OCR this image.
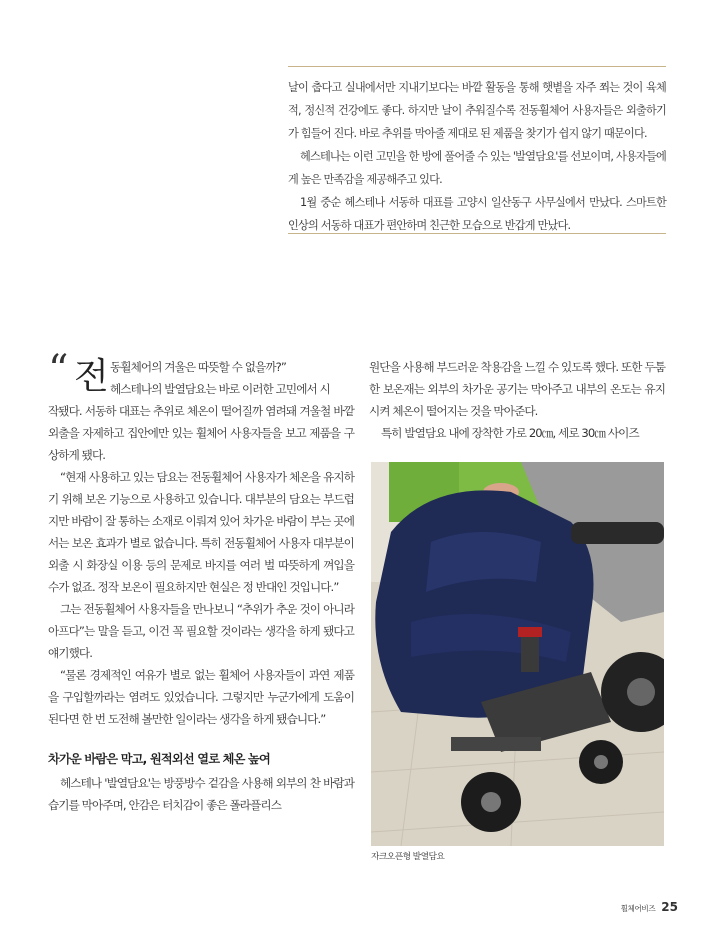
날이 춥다고 실내에서만 지내기보다는 바깥 활동을 통해 햇볕을 자주 쬐는 것이 육체적, 정신적 건강에도 좋다. 하지만 날이 추워질수록 전동휠체어 사용자들은 외출하기가 힘들어 진다. 바로 추위를 막아줄 제대로 된 제품을 찾기가 쉽지 않기 때문이다.

헤스테나는 이런 고민을 한 방에 풀어줄 수 있는 '발열담요'를 선보이며, 사용자들에게 높은 만족감을 제공해주고 있다.

1월 중순 헤스테나 서동하 대표를 고양시 일산동구 사무실에서 만났다. 스마트한 인상의 서동하 대표가 편안하며 친근한 모습으로 반갑게 만났다.

“ 전 동휠체어의 겨울은 따뜻할 수 없을까?”
헤스테나의 발열담요는 바로 이러한 고민에서 시

작됐다. 서동하 대표는 추위로 체온이 떨어질까 염려돼 겨울철 바깥 외출을 자제하고 집안에만 있는 휠체어 사용자들을 보고 제품을 구상하게 됐다.

“현재 사용하고 있는 담요는 전동휠체어 사용자가 체온을 유지하기 위해 보온 기능으로 사용하고 있습니다. 대부분의 담요는 부드럽지만 바람이 잘 통하는 소재로 이뤄져 있어 차가운 바람이 부는 곳에서는 보온 효과가 별로 없습니다. 특히 전동휠체어 사용자 대부분이 외출 시 화장실 이용 등의 문제로 바지를 여러 벌 따뜻하게 껴입을 수가 없죠. 정작 보온이 필요하지만 현실은 정 반대인 것입니다.”

그는 전동휠체어 사용자들을 만나보니 “추위가 추운 것이 아니라 아프다”는 말을 듣고, 이건 꼭 필요할 것이라는 생각을 하게 됐다고 얘기했다.

“물론 경제적인 여유가 별로 없는 휠체어 사용자들이 과연 제품을 구입할까라는 염려도 있었습니다. 그렇지만 누군가에게 도움이 된다면 한 번 도전해 볼만한 일이라는 생각을 하게 됐습니다.”

차가운 바람은 막고, 원적외선 열로 체온 높여

헤스테나 '발열담요'는 방풍방수 겉감을 사용해 외부의 찬 바람과 습기를 막아주며, 안감은 터치감이 좋은 폴라플리스

원단을 사용해 부드러운 착용감을 느낄 수 있도록 했다. 또한 두툼한 보온재는 외부의 차가운 공기는 막아주고 내부의 온도는 유지시켜 체온이 떨어지는 것을 막아준다.

특히 발열담요 내에 장착한 가로 20㎝, 세로 30㎝ 사이즈

자크오픈형 발열담요
휠체어비즈 25
